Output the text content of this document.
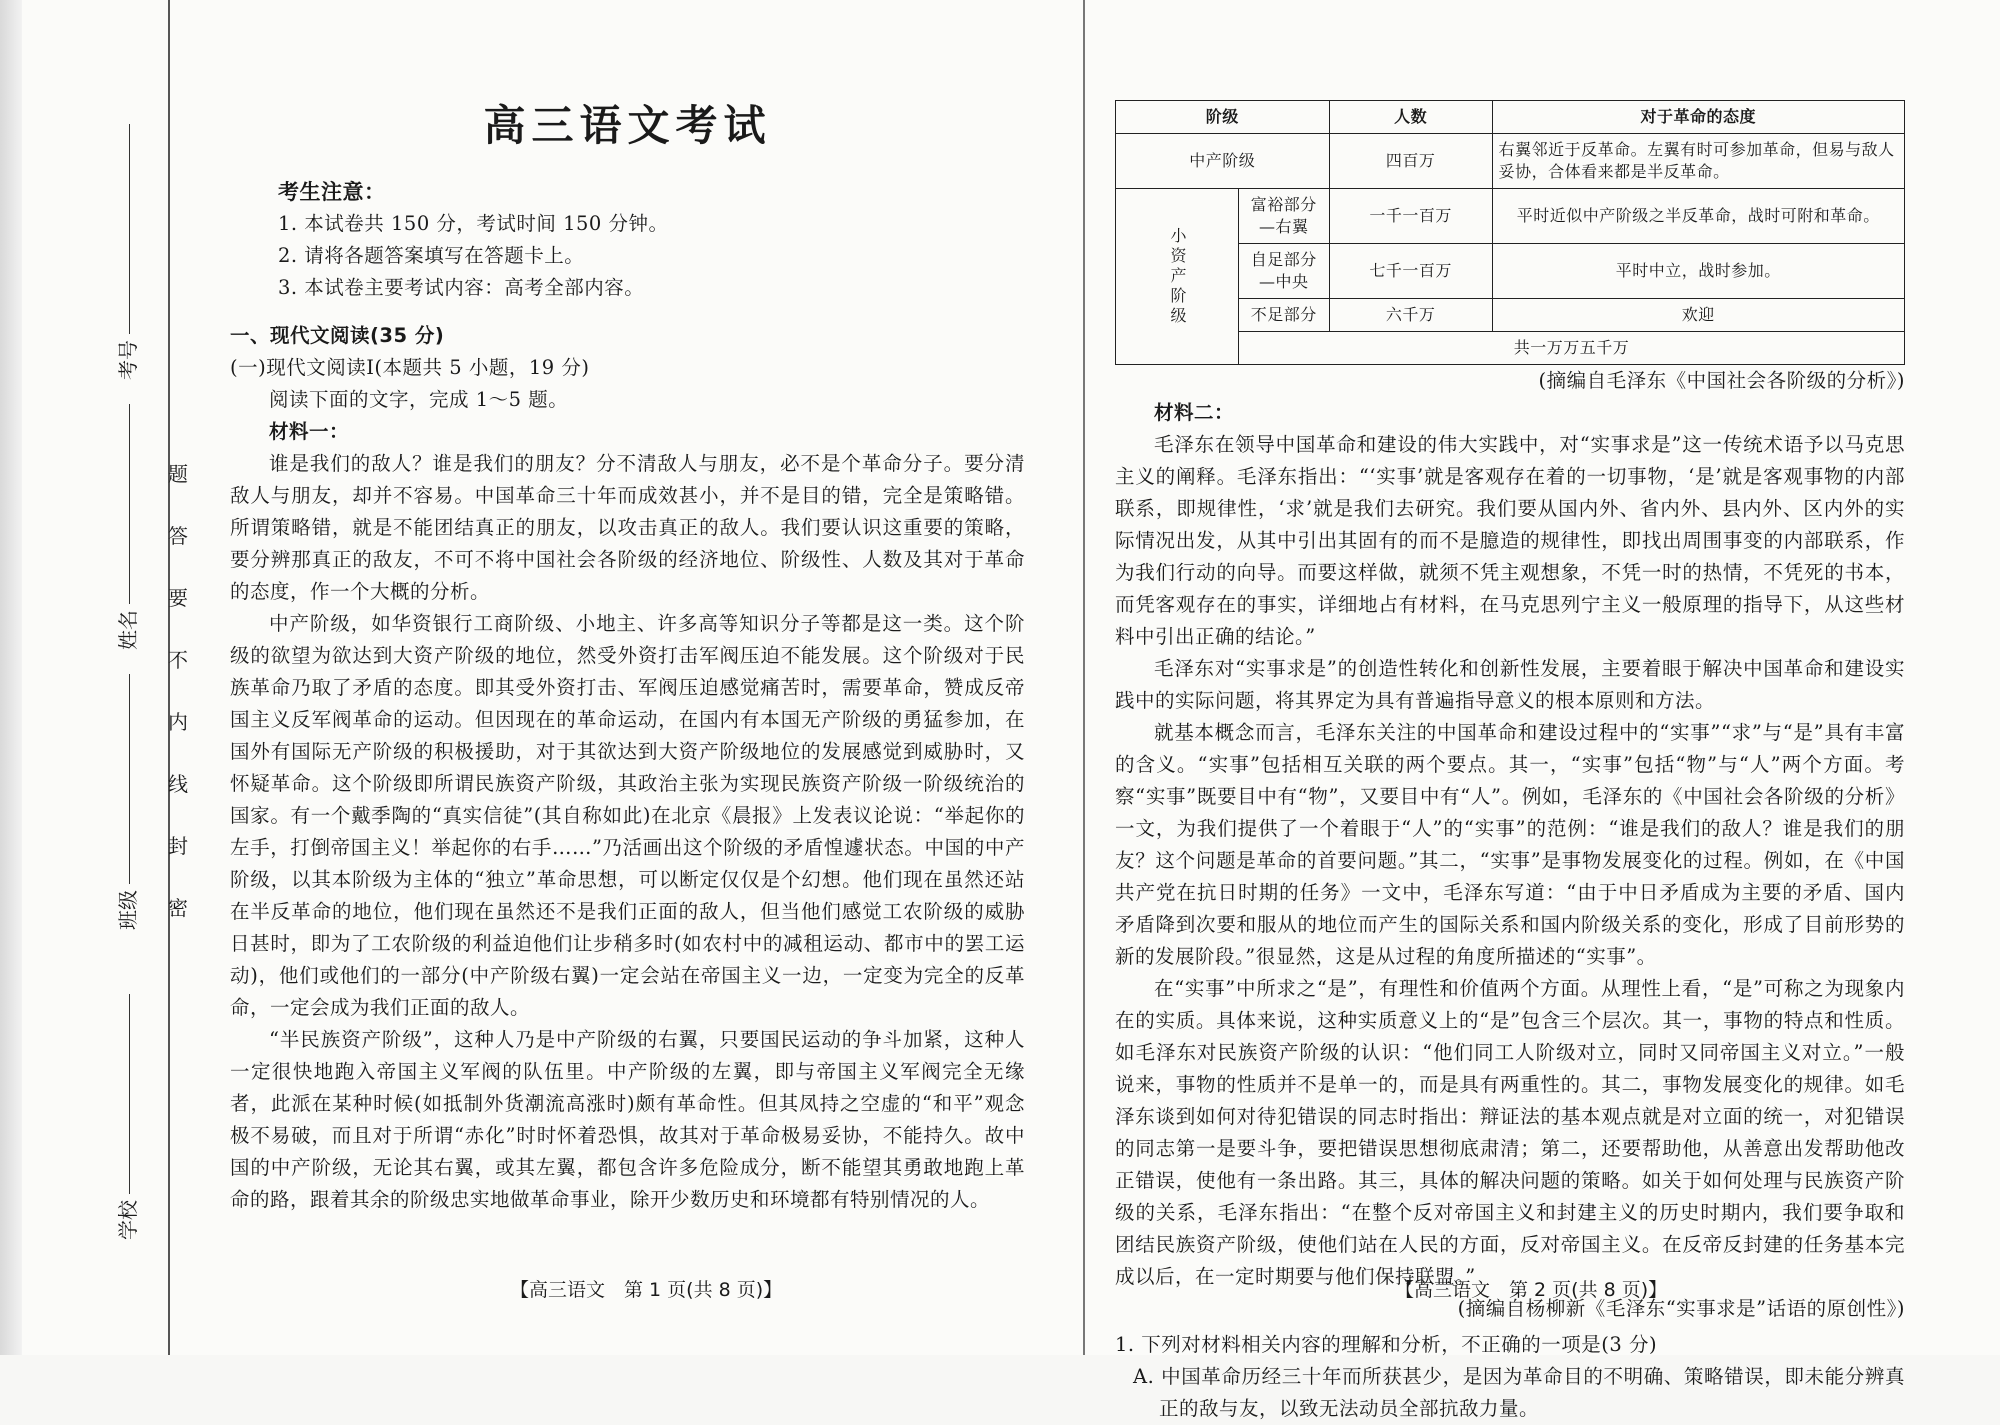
考号
姓名
班级
学校
题
答
要
不
内
线
封
密
高三语文考试
考生注意：
1. 本试卷共 150 分，考试时间 150 分钟。
2. 请将各题答案填写在答题卡上。
3. 本试卷主要考试内容：高考全部内容。
一、现代文阅读(35 分)
(一)现代文阅读Ⅰ(本题共 5 小题，19 分)
阅读下面的文字，完成 1～5 题。
材料一：

谁是我们的敌人？谁是我们的朋友？分不清敌人与朋友，必不是个革命分子。要分清敌人与朋友，却并不容易。中国革命三十年而成效甚小，并不是目的错，完全是策略错。所谓策略错，就是不能团结真正的朋友，以攻击真正的敌人。我们要认识这重要的策略，要分辨那真正的敌友，不可不将中国社会各阶级的经济地位、阶级性、人数及其对于革命的态度，作一个大概的分析。

中产阶级，如华资银行工商阶级、小地主、许多高等知识分子等都是这一类。这个阶级的欲望为欲达到大资产阶级的地位，然受外资打击军阀压迫不能发展。这个阶级对于民族革命乃取了矛盾的态度。即其受外资打击、军阀压迫感觉痛苦时，需要革命，赞成反帝国主义反军阀革命的运动。但因现在的革命运动，在国内有本国无产阶级的勇猛参加，在国外有国际无产阶级的积极援助，对于其欲达到大资产阶级地位的发展感觉到威胁时，又怀疑革命。这个阶级即所谓民族资产阶级，其政治主张为实现民族资产阶级一阶级统治的国家。有一个戴季陶的“真实信徒”(其自称如此)在北京《晨报》上发表议论说：“举起你的左手，打倒帝国主义！举起你的右手……”乃活画出这个阶级的矛盾惶遽状态。中国的中产阶级，以其本阶级为主体的“独立”革命思想，可以断定仅仅是个幻想。他们现在虽然还站在半反革命的地位，他们现在虽然还不是我们正面的敌人，但当他们感觉工农阶级的威胁日甚时，即为了工农阶级的利益迫他们让步稍多时(如农村中的减租运动、都市中的罢工运动)，他们或他们的一部分(中产阶级右翼)一定会站在帝国主义一边，一定变为完全的反革命，一定会成为我们正面的敌人。

“半民族资产阶级”，这种人乃是中产阶级的右翼，只要国民运动的争斗加紧，这种人一定很快地跑入帝国主义军阀的队伍里。中产阶级的左翼，即与帝国主义军阀完全无缘者，此派在某种时候(如抵制外货潮流高涨时)颇有革命性。但其凤持之空虚的“和平”观念极不易破，而且对于所谓“赤化”时时怀着恐惧，故其对于革命极易妥协，不能持久。故中国的中产阶级，无论其右翼，或其左翼，都包含许多危险成分，断不能望其勇敢地跑上革命的路，跟着其余的阶级忠实地做革命事业，除开少数历史和环境都有特别情况的人。

【高三语文　第 1 页(共 8 页)】
阶级		人数	对于革命的态度
中产阶级		四百万	右翼邻近于反革命。左翼有时可参加革命，但易与敌人妥协，合体看来都是半反革命。
小资产阶级	富裕部分—右翼	一千一百万	平时近似中产阶级之半反革命，战时可附和革命。
	自足部分—中央	七千一百万	平时中立，战时参加。
	不足部分	六千万	欢迎
	共一万万五千万		

(摘编自毛泽东《中国社会各阶级的分析》)

材料二：

毛泽东在领导中国革命和建设的伟大实践中，对“实事求是”这一传统术语予以马克思主义的阐释。毛泽东指出：“‘实事’就是客观存在着的一切事物，‘是’就是客观事物的内部联系，即规律性，‘求’就是我们去研究。我们要从国内外、省内外、县内外、区内外的实际情况出发，从其中引出其固有的而不是臆造的规律性，即找出周围事变的内部联系，作为我们行动的向导。而要这样做，就须不凭主观想象，不凭一时的热情，不凭死的书本，而凭客观存在的事实，详细地占有材料，在马克思列宁主义一般原理的指导下，从这些材料中引出正确的结论。”

毛泽东对“实事求是”的创造性转化和创新性发展，主要着眼于解决中国革命和建设实践中的实际问题，将其界定为具有普遍指导意义的根本原则和方法。

就基本概念而言，毛泽东关注的中国革命和建设过程中的“实事”“求”与“是”具有丰富的含义。“实事”包括相互关联的两个要点。其一，“实事”包括“物”与“人”两个方面。考察“实事”既要目中有“物”，又要目中有“人”。例如，毛泽东的《中国社会各阶级的分析》一文，为我们提供了一个着眼于“人”的“实事”的范例：“谁是我们的敌人？谁是我们的朋友？这个问题是革命的首要问题。”其二，“实事”是事物发展变化的过程。例如，在《中国共产党在抗日时期的任务》一文中，毛泽东写道：“由于中日矛盾成为主要的矛盾、国内矛盾降到次要和服从的地位而产生的国际关系和国内阶级关系的变化，形成了目前形势的新的发展阶段。”很显然，这是从过程的角度所描述的“实事”。

在“实事”中所求之“是”，有理性和价值两个方面。从理性上看，“是”可称之为现象内在的实质。具体来说，这种实质意义上的“是”包含三个层次。其一，事物的特点和性质。如毛泽东对民族资产阶级的认识：“他们同工人阶级对立，同时又同帝国主义对立。”一般说来，事物的性质并不是单一的，而是具有两重性的。其二，事物发展变化的规律。如毛泽东谈到如何对待犯错误的同志时指出：辩证法的基本观点就是对立面的统一，对犯错误的同志第一是要斗争，要把错误思想彻底肃清；第二，还要帮助他，从善意出发帮助他改正错误，使他有一条出路。其三，具体的解决问题的策略。如关于如何处理与民族资产阶级的关系，毛泽东指出：“在整个反对帝国主义和封建主义的历史时期内，我们要争取和团结民族资产阶级，使他们站在人民的方面，反对帝国主义。在反帝反封建的任务基本完成以后，在一定时期要与他们保持联盟。”

(摘编自杨柳新《毛泽东“实事求是”话语的原创性》)

1. 下列对材料相关内容的理解和分析，不正确的一项是(3 分)

A. 中国革命历经三十年而所获甚少，是因为革命目的不明确、策略错误，即未能分辨真正的敌与友，以致无法动员全部抗敌力量。

【高三语文　第 2 页(共 8 页)】
